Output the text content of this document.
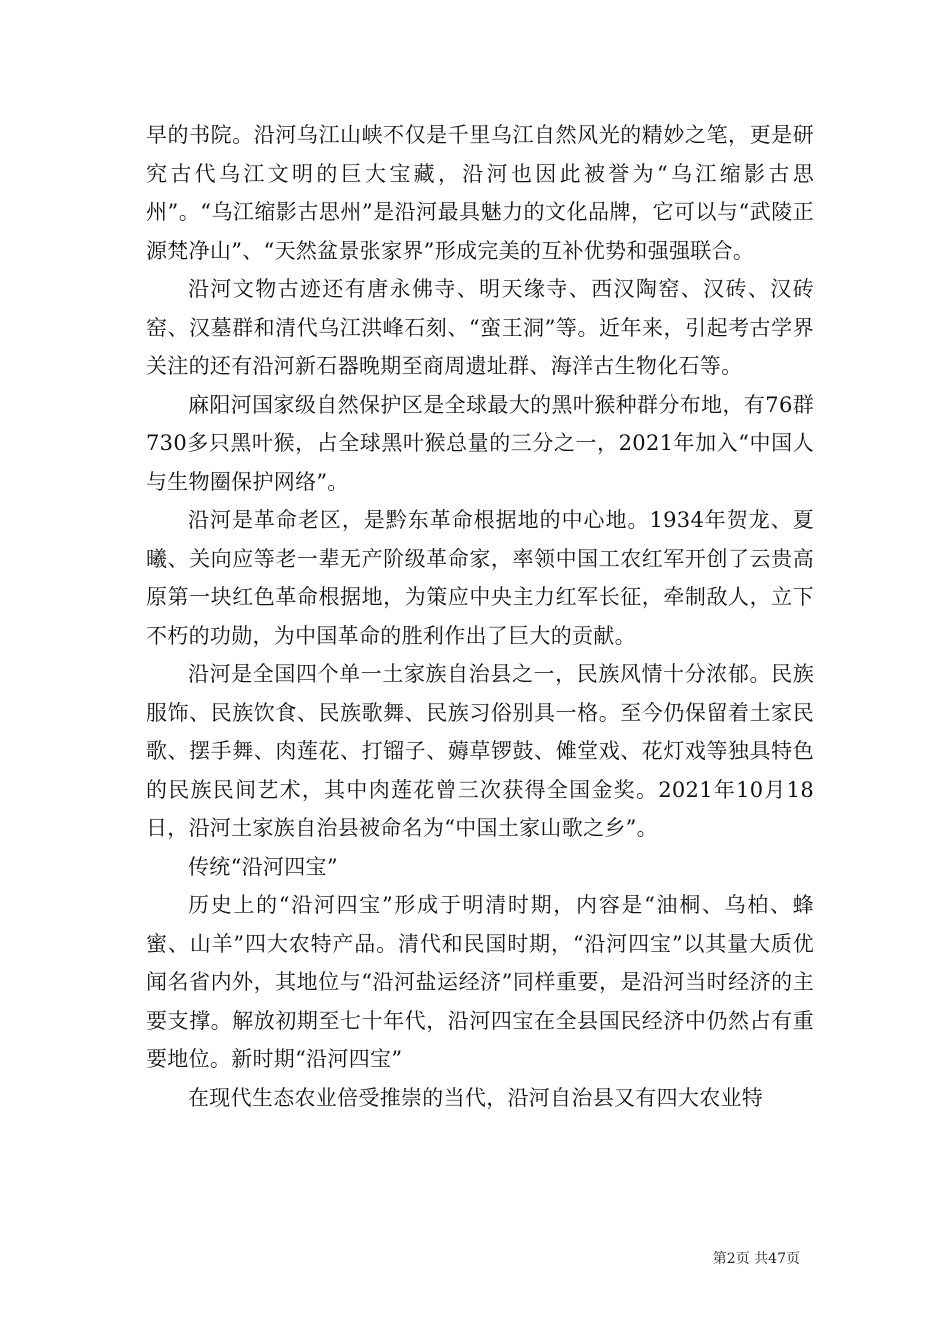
早的书院。沿河乌江山峡不仅是千里乌江自然风光的精妙之笔，更是研究古代乌江文明的巨大宝藏，沿河也因此被誉为“乌江缩影古思州”。“乌江缩影古思州”是沿河最具魅力的文化品牌，它可以与“武陵正源梵净山”、“天然盆景张家界”形成完美的互补优势和强强联合。

沿河文物古迹还有唐永佛寺、明天缘寺、西汉陶窑、汉砖、汉砖窑、汉墓群和清代乌江洪峰石刻、“蛮王洞”等。近年来，引起考古学界关注的还有沿河新石器晚期至商周遗址群、海洋古生物化石等。

麻阳河国家级自然保护区是全球最大的黑叶猴种群分布地，有76群730多只黑叶猴，占全球黑叶猴总量的三分之一，2021年加入“中国人与生物圈保护网络”。

沿河是革命老区，是黔东革命根据地的中心地。1934年贺龙、夏曦、关向应等老一辈无产阶级革命家，率领中国工农红军开创了云贵高原第一块红色革命根据地，为策应中央主力红军长征，牵制敌人，立下不朽的功勋，为中国革命的胜利作出了巨大的贡献。

沿河是全国四个单一土家族自治县之一，民族风情十分浓郁。民族服饰、民族饮食、民族歌舞、民族习俗别具一格。至今仍保留着土家民歌、摆手舞、肉莲花、打镏子、薅草锣鼓、傩堂戏、花灯戏等独具特色的民族民间艺术，其中肉莲花曾三次获得全国金奖。2021年10月18日，沿河土家族自治县被命名为“中国土家山歌之乡”。

传统“沿河四宝”

历史上的“沿河四宝”形成于明清时期，内容是“油桐、乌柏、蜂蜜、山羊”四大农特产品。清代和民国时期，“沿河四宝”以其量大质优闻名省内外，其地位与“沿河盐运经济”同样重要，是沿河当时经济的主要支撑。解放初期至七十年代，沿河四宝在全县国民经济中仍然占有重要地位。新时期“沿河四宝”

在现代生态农业倍受推崇的当代，沿河自治县又有四大农业特

第2页 共47页
